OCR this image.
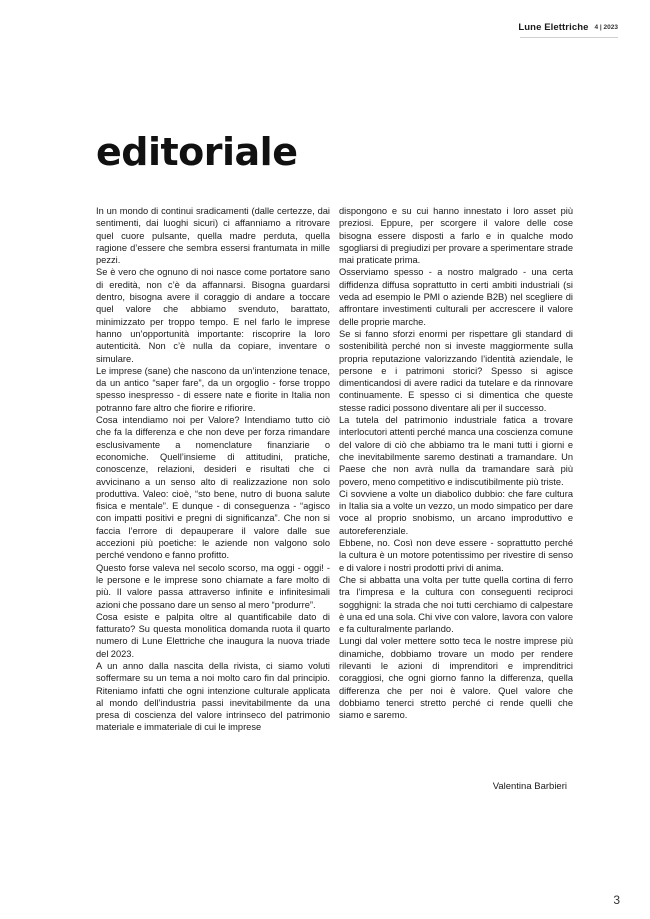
Lune Elettriche 4 | 2023
editoriale

In un mondo di continui sradicamenti (dalle certezze, dai sentimenti, dai luoghi sicuri) ci affanniamo a ritrovare quel cuore pulsante, quella madre perduta, quella ragione d’essere che sembra essersi frantumata in mille pezzi.

Se è vero che ognuno di noi nasce come portatore sano di eredità, non c’è da affannarsi. Bisogna guardarsi dentro, bisogna avere il coraggio di andare a toccare quel valore che abbiamo svenduto, barattato, minimizzato per troppo tempo. E nel farlo le imprese hanno un’opportunità importante: riscoprire la loro autenticità. Non c’è nulla da copiare, inventare o simulare.

Le imprese (sane) che nascono da un’intenzione tenace, da un antico “saper fare”, da un orgoglio - forse troppo spesso inespresso - di essere nate e fiorite in Italia non potranno fare altro che fiorire e rifiorire.

Cosa intendiamo noi per Valore? Intendiamo tutto ciò che fa la differenza e che non deve per forza rimandare esclusivamente a nomenclature finanziarie o economiche. Quell’insieme di attitudini, pratiche, conoscenze, relazioni, desideri e risultati che ci avvicinano a un senso alto di realizzazione non solo produttiva. Valeo: cioè, “sto bene, nutro di buona salute fisica e mentale”. E dunque - di conseguenza - “agisco con impatti positivi e pregni di significanza”. Che non si faccia l’errore di depauperare il valore dalle sue accezioni più poetiche: le aziende non valgono solo perché vendono e fanno profitto.

Questo forse valeva nel secolo scorso, ma oggi - oggi! - le persone e le imprese sono chiamate a fare molto di più. Il valore passa attraverso infinite e infinitesimali azioni che possano dare un senso al mero “produrre”.

Cosa esiste e palpita oltre al quantificabile dato di fatturato? Su questa monolitica domanda ruota il quarto numero di Lune Elettriche che inaugura la nuova triade del 2023.

A un anno dalla nascita della rivista, ci siamo voluti soffermare su un tema a noi molto caro fin dal principio. Riteniamo infatti che ogni intenzione culturale applicata al mondo dell’industria passi inevitabilmente da una presa di coscienza del valore intrinseco del patrimonio materiale e immateriale di cui le imprese

dispongono e su cui hanno innestato i loro asset più preziosi. Eppure, per scorgere il valore delle cose bisogna essere disposti a farlo e in qualche modo sgogliarsi di pregiudizi per provare a sperimentare strade mai praticate prima.

Osserviamo spesso - a nostro malgrado - una certa diffidenza diffusa soprattutto in certi ambiti industriali (si veda ad esempio le PMI o aziende B2B) nel scegliere di affrontare investimenti culturali per accrescere il valore delle proprie marche.

Se si fanno sforzi enormi per rispettare gli standard di sostenibilità perché non si investe maggiormente sulla propria reputazione valorizzando l’identità aziendale, le persone e i patrimoni storici? Spesso si agisce dimenticandosi di avere radici da tutelare e da rinnovare continuamente. E spesso ci si dimentica che queste stesse radici possono diventare ali per il successo.

La tutela del patrimonio industriale fatica a trovare interlocutori attenti perché manca una coscienza comune del valore di ciò che abbiamo tra le mani tutti i giorni e che inevitabilmente saremo destinati a tramandare. Un Paese che non avrà nulla da tramandare sarà più povero, meno competitivo e indiscutibilmente più triste.

Ci sovviene a volte un diabolico dubbio: che fare cultura in Italia sia a volte un vezzo, un modo simpatico per dare voce al proprio snobismo, un arcano improduttivo e autoreferenziale.

Ebbene, no. Così non deve essere - soprattutto perché la cultura è un motore potentissimo per rivestire di senso e di valore i nostri prodotti privi di anima.

Che si abbatta una volta per tutte quella cortina di ferro tra l’impresa e la cultura con conseguenti reciproci sogghigni: la strada che noi tutti cerchiamo di calpestare è una ed una sola. Chi vive con valore, lavora con valore e fa culturalmente parlando.

Lungi dal voler mettere sotto teca le nostre imprese più dinamiche, dobbiamo trovare un modo per rendere rilevanti le azioni di imprenditori e imprenditrici coraggiosi, che ogni giorno fanno la differenza, quella differenza che per noi è valore. Quel valore che dobbiamo tenerci stretto perché ci rende quelli che siamo e saremo.

Valentina Barbieri
3
